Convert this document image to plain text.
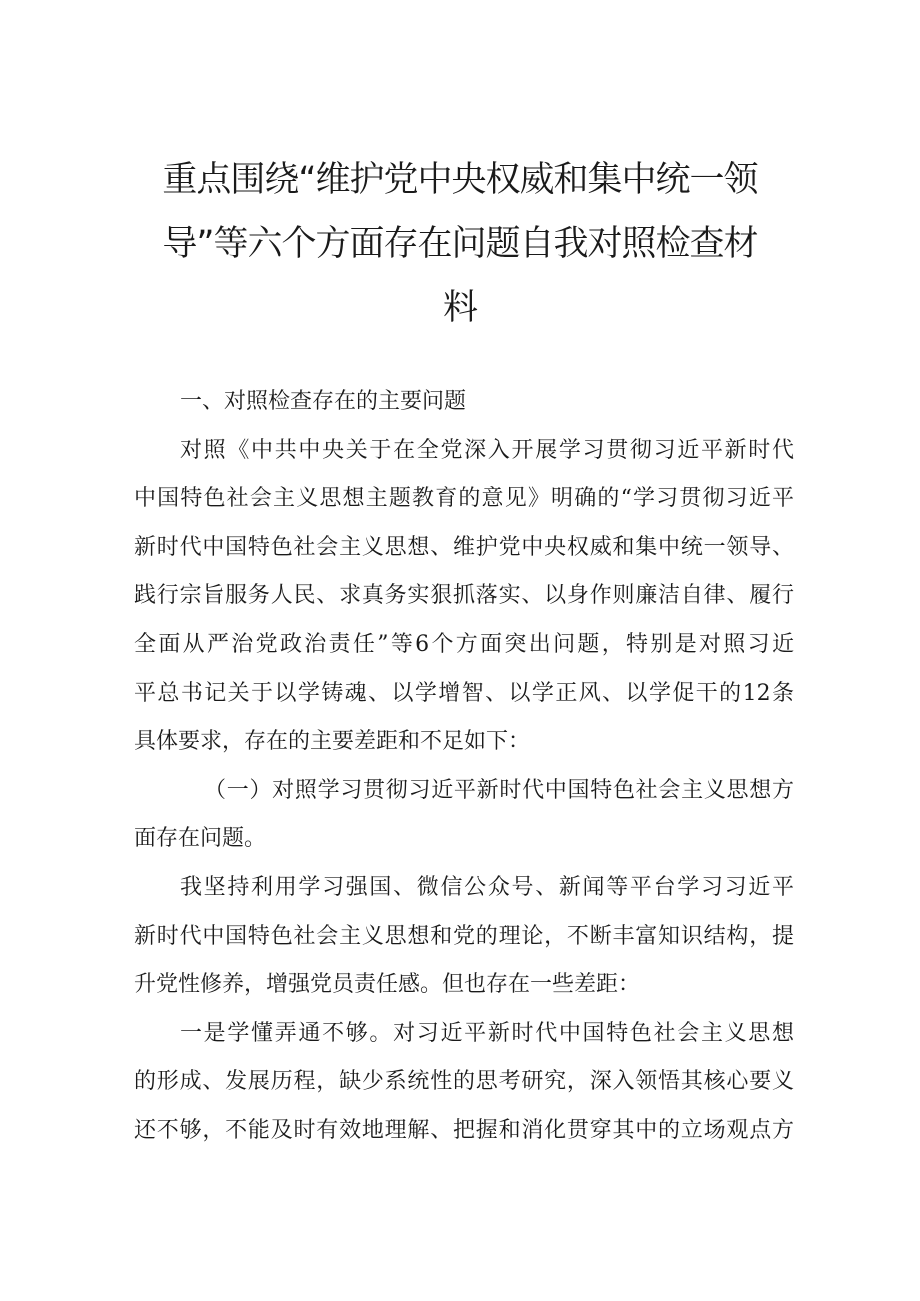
重点围绕“维护党中央权威和集中统一领
导”等六个方面存在问题自我对照检查材
料
一、对照检查存在的主要问题
对照《中共中央关于在全党深入开展学习贯彻习近平新时代
中国特色社会主义思想主题教育的意见》明确的“学习贯彻习近平
新时代中国特色社会主义思想、维护党中央权威和集中统一领导、
践行宗旨服务人民、求真务实狠抓落实、以身作则廉洁自律、履行
全面从严治党政治责任”等6个方面突出问题，特别是对照习近
平总书记关于以学铸魂、以学增智、以学正风、以学促干的12条
具体要求，存在的主要差距和不足如下：
（一）对照学习贯彻习近平新时代中国特色社会主义思想方
面存在问题。
我坚持利用学习强国、微信公众号、新闻等平台学习习近平
新时代中国特色社会主义思想和党的理论，不断丰富知识结构，提
升党性修养，增强党员责任感。但也存在一些差距：
一是学懂弄通不够。对习近平新时代中国特色社会主义思想
的形成、发展历程，缺少系统性的思考研究，深入领悟其核心要义
还不够，不能及时有效地理解、把握和消化贯穿其中的立场观点方
